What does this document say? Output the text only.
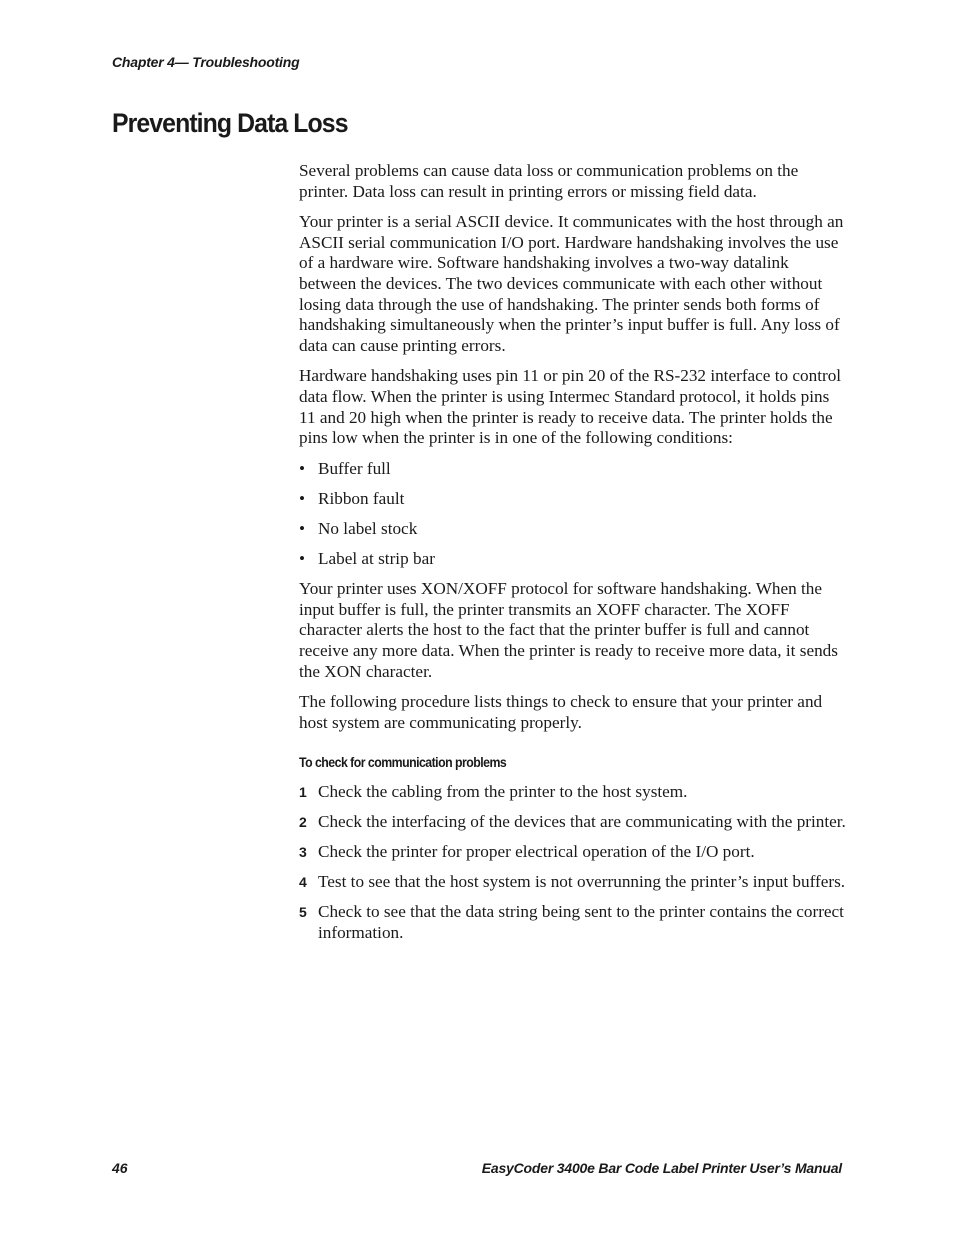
Chapter 4— Troubleshooting
Preventing Data Loss

Several problems can cause data loss or communication problems on the printer. Data loss can result in printing errors or missing field data.

Your printer is a serial ASCII device. It communicates with the host through an ASCII serial communication I/O port. Hardware handshaking involves the use of a hardware wire. Software handshaking involves a two-way datalink between the devices. The two devices communicate with each other without losing data through the use of handshaking. The printer sends both forms of handshaking simultaneously when the printer’s input buffer is full. Any loss of data can cause printing errors.

Hardware handshaking uses pin 11 or pin 20 of the RS-232 interface to control data flow. When the printer is using Intermec Standard protocol, it holds pins 11 and 20 high when the printer is ready to receive data. The printer holds the pins low when the printer is in one of the following conditions:

• Buffer full
• Ribbon fault
• No label stock
• Label at strip bar

Your printer uses XON/XOFF protocol for software handshaking. When the input buffer is full, the printer transmits an XOFF character. The XOFF character alerts the host to the fact that the printer buffer is full and cannot receive any more data. When the printer is ready to receive more data, it sends the XON character.

The following procedure lists things to check to ensure that your printer and host system are communicating properly.

To check for communication problems
1 Check the cabling from the printer to the host system.
2 Check the interfacing of the devices that are communicating with the printer.
3 Check the printer for proper electrical operation of the I/O port.
4 Test to see that the host system is not overrunning the printer’s input buffers.
5 Check to see that the data string being sent to the printer contains the correct information.
46	EasyCoder 3400e Bar Code Label Printer User’s Manual
